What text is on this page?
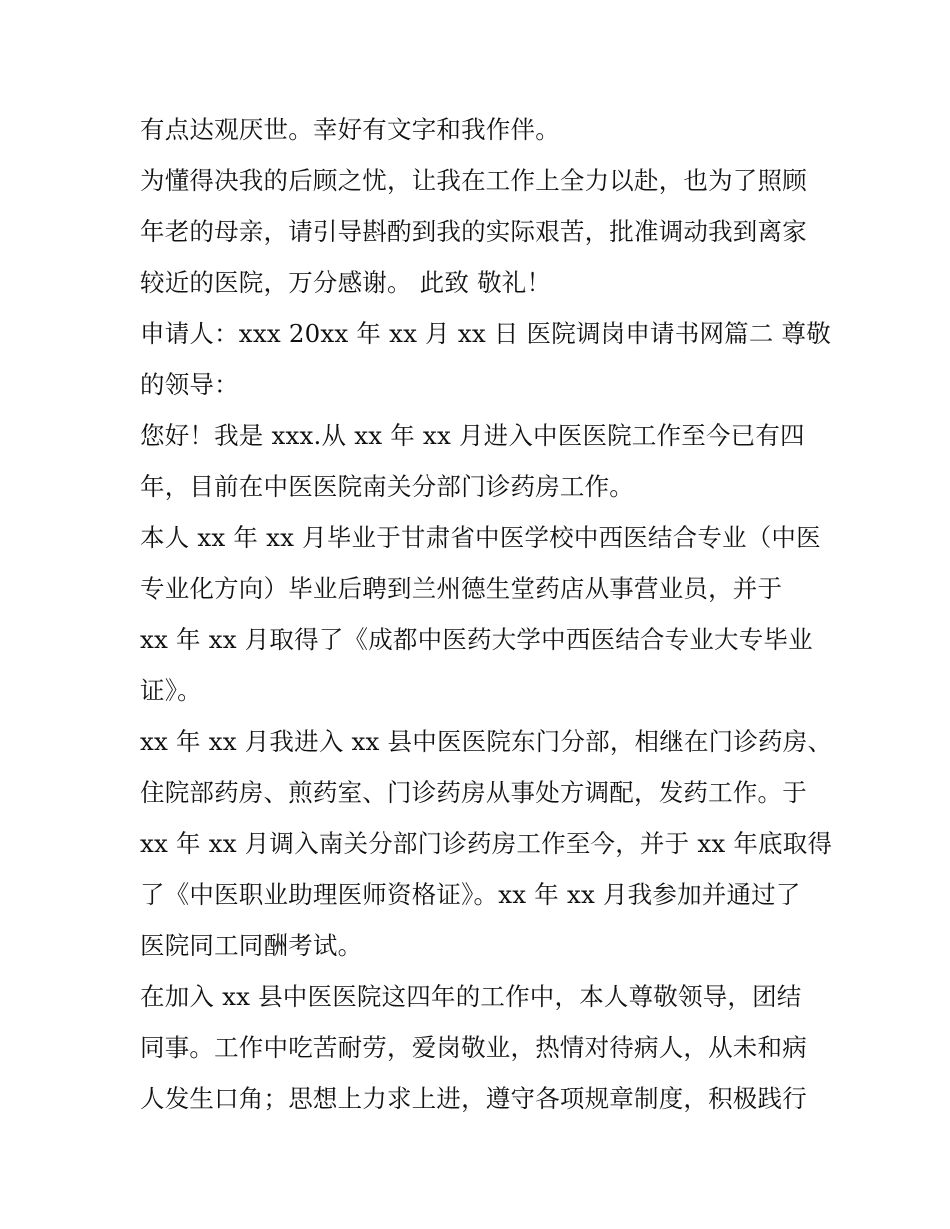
有点达观厌世。幸好有文字和我作伴。
为懂得决我的后顾之忧，让我在工作上全力以赴，也为了照顾
年老的母亲，请引导斟酌到我的实际艰苦，批准调动我到离家
较近的医院，万分感谢。 此致 敬礼！
申请人：xxx 20xx 年 xx 月 xx 日 医院调岗申请书网篇二 尊敬
的领导：
您好！我是 xxx.从 xx 年 xx 月进入中医医院工作至今已有四
年，目前在中医医院南关分部门诊药房工作。
本人 xx 年 xx 月毕业于甘肃省中医学校中西医结合专业（中医
专业化方向）毕业后聘到兰州德生堂药店从事营业员，并于
xx 年 xx 月取得了《成都中医药大学中西医结合专业大专毕业
证》。
xx 年 xx 月我进入 xx 县中医医院东门分部，相继在门诊药房、
住院部药房、煎药室、门诊药房从事处方调配，发药工作。于
xx 年 xx 月调入南关分部门诊药房工作至今，并于 xx 年底取得
了《中医职业助理医师资格证》。xx 年 xx 月我参加并通过了
医院同工同酬考试。
在加入 xx 县中医医院这四年的工作中，本人尊敬领导，团结
同事。工作中吃苦耐劳，爱岗敬业，热情对待病人，从未和病
人发生口角；思想上力求上进，遵守各项规章制度，积极践行
